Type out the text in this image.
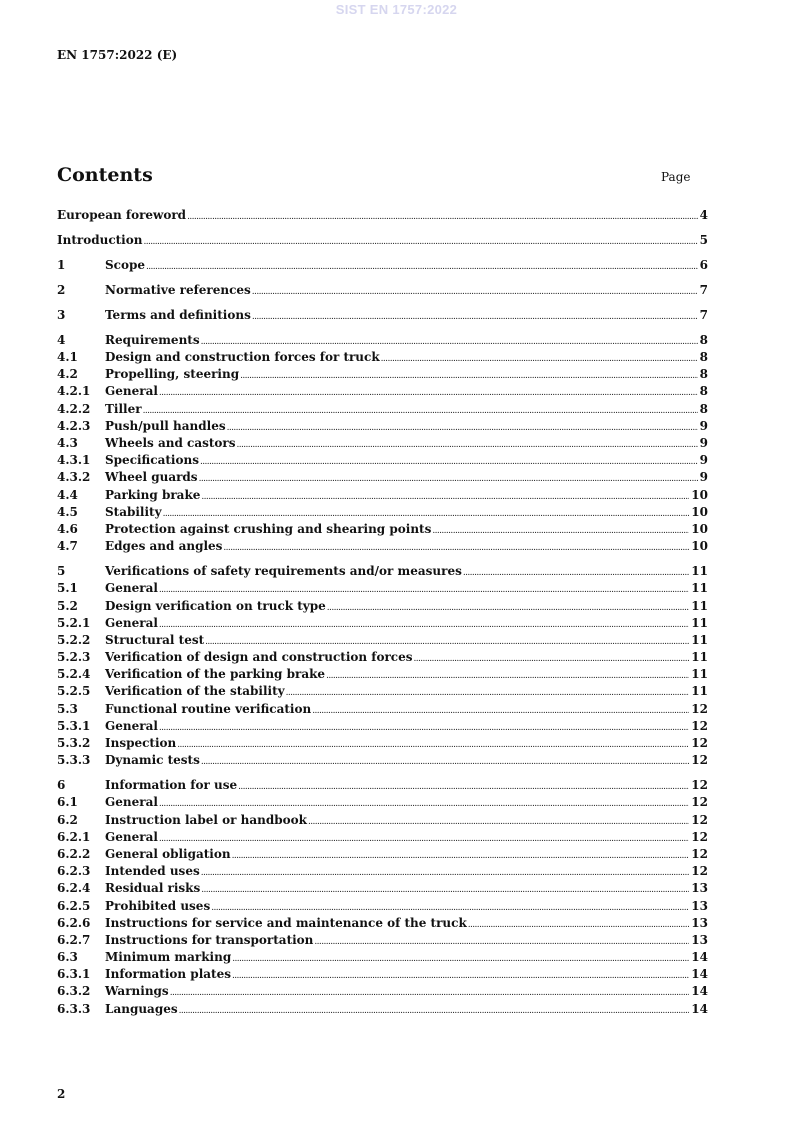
SIST EN 1757:2022
EN 1757:2022 (E)
Contents	Page
European foreword .....	4
Introduction .....	5
1	Scope .....	6
2	Normative references .....	7
3	Terms and definitions .....	7
4	Requirements .....	8
4.1	Design and construction forces for truck .....	8
4.2	Propelling, steering .....	8
4.2.1	General .....	8
4.2.2	Tiller .....	8
4.2.3	Push/pull handles .....	9
4.3	Wheels and castors .....	9
4.3.1	Specifications .....	9
4.3.2	Wheel guards .....	9
4.4	Parking brake .....	10
4.5	Stability .....	10
4.6	Protection against crushing and shearing points .....	10
4.7	Edges and angles .....	10
5	Verifications of safety requirements and/or measures .....	11
5.1	General .....	11
5.2	Design verification on truck type .....	11
5.2.1	General .....	11
5.2.2	Structural test .....	11
5.2.3	Verification of design and construction forces .....	11
5.2.4	Verification of the parking brake .....	11
5.2.5	Verification of the stability .....	11
5.3	Functional routine verification .....	12
5.3.1	General .....	12
5.3.2	Inspection .....	12
5.3.3	Dynamic tests .....	12
6	Information for use .....	12
6.1	General .....	12
6.2	Instruction label or handbook .....	12
6.2.1	General .....	12
6.2.2	General obligation .....	12
6.2.3	Intended uses .....	12
6.2.4	Residual risks .....	13
6.2.5	Prohibited uses .....	13
6.2.6	Instructions for service and maintenance of the truck .....	13
6.2.7	Instructions for transportation .....	13
6.3	Minimum marking .....	14
6.3.1	Information plates .....	14
6.3.2	Warnings .....	14
6.3.3	Languages .....	14
2
